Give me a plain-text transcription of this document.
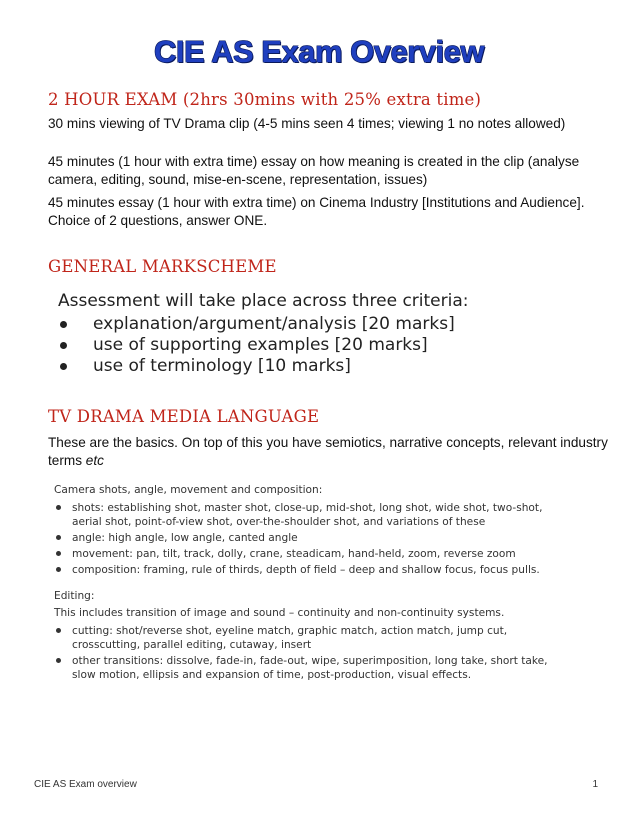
CIE AS Exam Overview
2 HOUR EXAM (2hrs 30mins with 25% extra time)
30 mins viewing of TV Drama clip (4-5 mins seen 4 times; viewing 1 no notes allowed)
45 minutes (1 hour with extra time) essay on how meaning is created in the clip (analyse camera, editing, sound, mise-en-scene, representation, issues)
45 minutes essay (1 hour with extra time) on Cinema Industry [Institutions and Audience]. Choice of 2 questions, answer ONE.
GENERAL MARKSCHEME
Assessment will take place across three criteria:
explanation/argument/analysis [20 marks]
use of supporting examples [20 marks]
use of terminology [10 marks]
TV DRAMA MEDIA LANGUAGE
These are the basics. On top of this you have semiotics, narrative concepts, relevant industry terms etc

Camera shots, angle, movement and composition:

shots: establishing shot, master shot, close-up, mid-shot, long shot, wide shot, two-shot, aerial shot, point-of-view shot, over-the-shoulder shot, and variations of these
angle: high angle, low angle, canted angle
movement: pan, tilt, track, dolly, crane, steadicam, hand-held, zoom, reverse zoom
composition: framing, rule of thirds, depth of field – deep and shallow focus, focus pulls.

Editing:

This includes transition of image and sound – continuity and non-continuity systems.

cutting: shot/reverse shot, eyeline match, graphic match, action match, jump cut, crosscutting, parallel editing, cutaway, insert
other transitions: dissolve, fade-in, fade-out, wipe, superimposition, long take, short take, slow motion, ellipsis and expansion of time, post-production, visual effects.
CIE AS Exam overview	1
